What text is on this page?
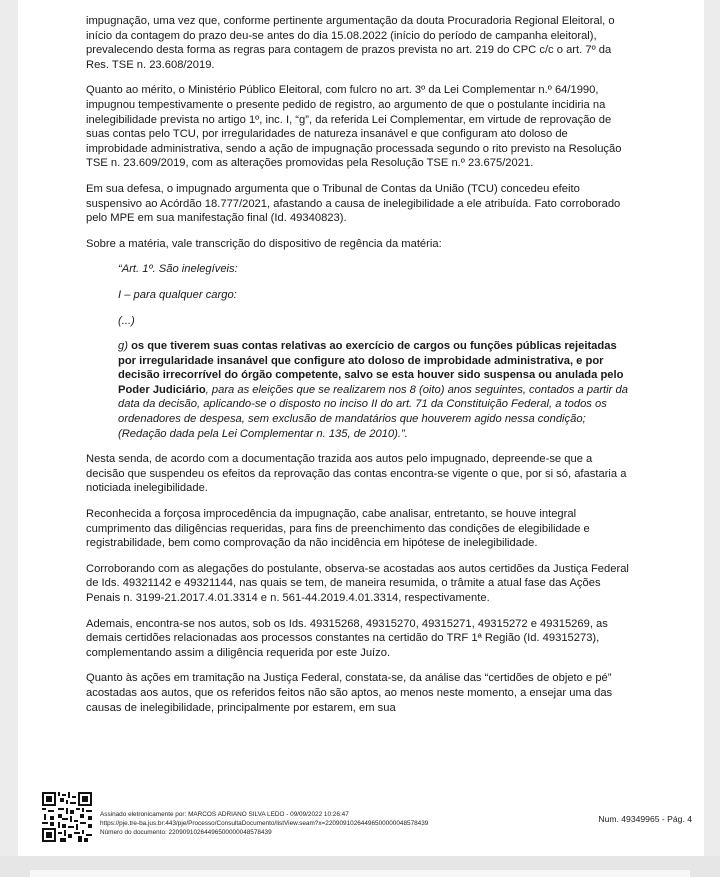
impugnação, uma vez que, conforme pertinente argumentação da douta Procuradoria Regional Eleitoral, o início da contagem do prazo deu-se antes do dia 15.08.2022 (início do período de campanha eleitoral), prevalecendo desta forma as regras para contagem de prazos prevista no art. 219 do CPC c/c o art. 7º da Res. TSE n. 23.608/2019.

Quanto ao mérito, o Ministério Público Eleitoral, com fulcro no art. 3º da Lei Complementar n.º 64/1990, impugnou tempestivamente o presente pedido de registro, ao argumento de que o postulante incidiria na inelegibilidade prevista no artigo 1º, inc. I, “g”, da referida Lei Complementar, em virtude de reprovação de suas contas pelo TCU, por irregularidades de natureza insanável e que configuram ato doloso de improbidade administrativa, sendo a ação de impugnação processada segundo o rito previsto na Resolução TSE n. 23.609/2019, com as alterações promovidas pela Resolução TSE n.º 23.675/2021.

Em sua defesa, o impugnado argumenta que o Tribunal de Contas da União (TCU) concedeu efeito suspensivo ao Acórdão 18.777/2021, afastando a causa de inelegibilidade a ele atribuída. Fato corroborado pelo MPE em sua manifestação final (Id. 49340823).

Sobre a matéria, vale transcrição do dispositivo de regência da matéria:

“Art. 1º. São inelegíveis:

I – para qualquer cargo:

(...)

g) os que tiverem suas contas relativas ao exercício de cargos ou funções públicas rejeitadas por irregularidade insanável que configure ato doloso de improbidade administrativa, e por decisão irrecorrível do órgão competente, salvo se esta houver sido suspensa ou anulada pelo Poder Judiciário, para as eleições que se realizarem nos 8 (oito) anos seguintes, contados a partir da data da decisão, aplicando-se o disposto no inciso II do art. 71 da Constituição Federal, a todos os ordenadores de despesa, sem exclusão de mandatários que houverem agido nessa condição; (Redação dada pela Lei Complementar n. 135, de 2010).”.

Nesta senda, de acordo com a documentação trazida aos autos pelo impugnado, depreende-se que a decisão que suspendeu os efeitos da reprovação das contas encontra-se vigente o que, por si só, afastaria a noticiada inelegibilidade.

Reconhecida a forçosa improcedência da impugnação, cabe analisar, entretanto, se houve integral cumprimento das diligências requeridas, para fins de preenchimento das condições de elegibilidade e registrabilidade, bem como comprovação da não incidência em hipótese de inelegibilidade.

Corroborando com as alegações do postulante, observa-se acostadas aos autos certidões da Justiça Federal de Ids. 49321142 e 49321144, nas quais se tem, de maneira resumida, o trâmite a atual fase das Ações Penais n. 3199-21.2017.4.01.3314 e n. 561-44.2019.4.01.3314, respectivamente.

Ademais, encontra-se nos autos, sob os Ids. 49315268, 49315270, 49315271, 49315272 e 49315269, as demais certidões relacionadas aos processos constantes na certidão do TRF 1ª Região (Id. 49315273), complementando assim a diligência requerida por este Juízo.

Quanto às ações em tramitação na Justiça Federal, constata-se, da análise das “certidões de objeto e pé” acostadas aos autos, que os referidos feitos não são aptos, ao menos neste momento, a ensejar uma das causas de inelegibilidade, principalmente por estarem, em sua

Assinado eletronicamente por: MARCOS ADRIANO SILVA LEDO - 09/09/2022 10:26:47
https://pje.tre-ba.jus.br:443/pje/Processo/ConsultaDocumento/listView.seam?x=22090910264496500000048578439
Número do documento: 22090910264496500000048578439
Num. 49349965 - Pág. 4
